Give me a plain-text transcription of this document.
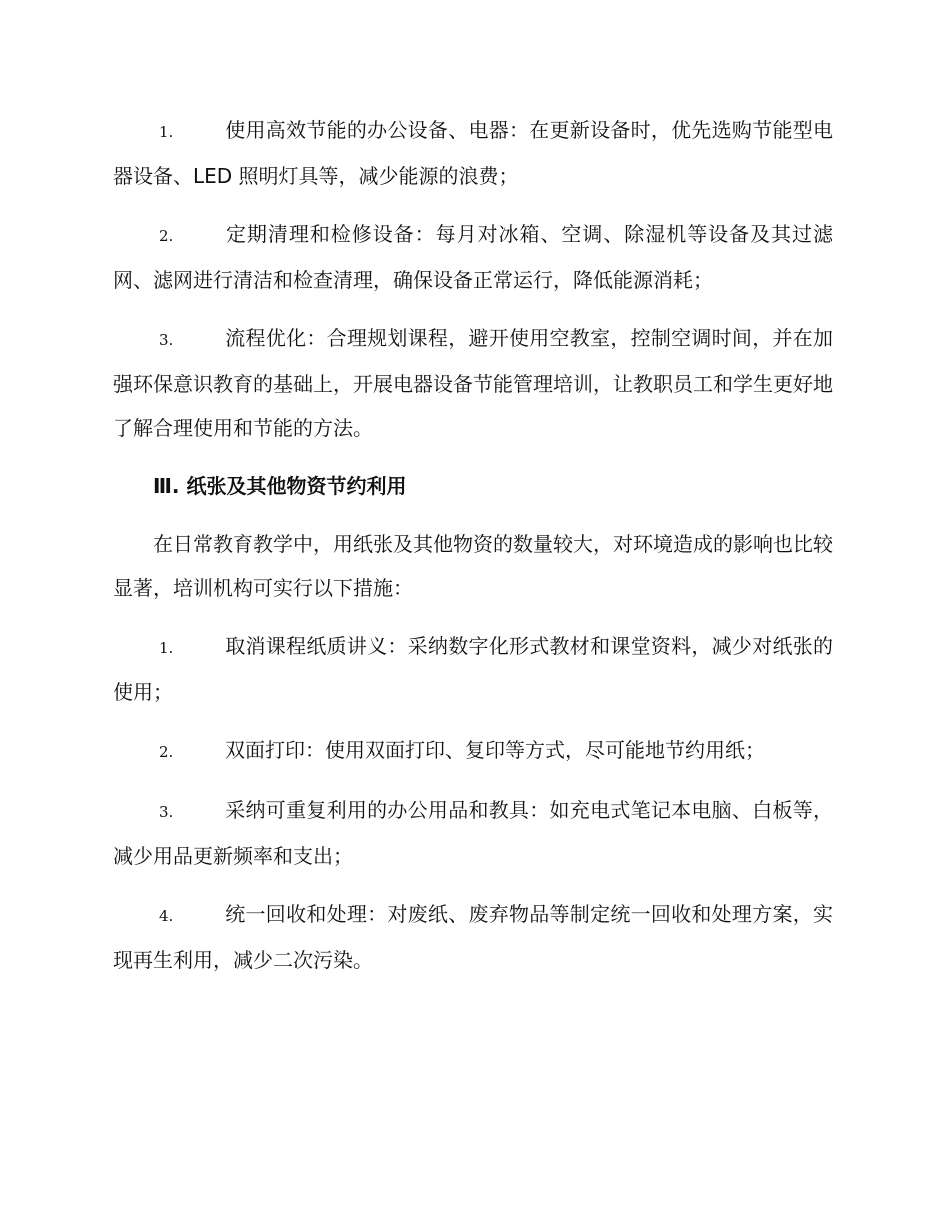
1.	使用高效节能的办公设备、电器：在更新设备时，优先选购节能型电器设备、LED 照明灯具等，减少能源的浪费；
2.	定期清理和检修设备：每月对冰箱、空调、除湿机等设备及其过滤网、滤网进行清洁和检查清理，确保设备正常运行，降低能源消耗；
3.	流程优化：合理规划课程，避开使用空教室，控制空调时间，并在加强环保意识教育的基础上，开展电器设备节能管理培训，让教职员工和学生更好地了解合理使用和节能的方法。
Ⅲ. 纸张及其他物资节约利用
在日常教育教学中，用纸张及其他物资的数量较大，对环境造成的影响也比较显著，培训机构可实行以下措施：
1.	取消课程纸质讲义：采纳数字化形式教材和课堂资料，减少对纸张的使用；
2.	双面打印：使用双面打印、复印等方式，尽可能地节约用纸；
3.	采纳可重复利用的办公用品和教具：如充电式笔记本电脑、白板等，减少用品更新频率和支出；
4.	统一回收和处理：对废纸、废弃物品等制定统一回收和处理方案，实现再生利用，减少二次污染。
